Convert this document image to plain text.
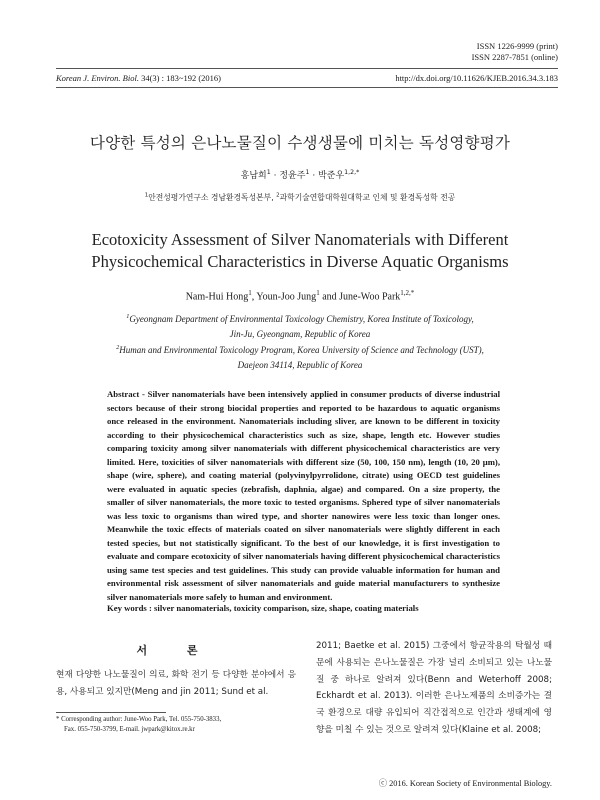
ISSN 1226-9999 (print)
ISSN 2287-7851 (online)
Korean J. Environ. Biol. 34(3) : 183~192 (2016)	http://dx.doi.org/10.11626/KJEB.2016.34.3.183
다양한 특성의 은나노물질이 수생생물에 미치는 독성영향평가
홍남희$^1$ · 정윤주$^1$ · 박준우$^{1,2,*}$
$^1$안전성평가연구소 경남환경독성본부, $^2$과학기술연합대학원대학교 인체 및 환경독성학 전공
Ecotoxicity Assessment of Silver Nanomaterials with Different
Physicochemical Characteristics in Diverse Aquatic Organisms
Nam-Hui Hong$^1$, Youn-Joo Jung$^1$ and June-Woo Park$^{1,2,*}$
$^1$Gyeongnam Department of Environmental Toxicology Chemistry, Korea Institute of Toxicology,
Jin-Ju, Gyeongnam, Republic of Korea
$^2$Human and Environmental Toxicology Program, Korea University of Science and Technology (UST),
Daejeon 34114, Republic of Korea
Abstract - Silver nanomaterials have been intensively applied in consumer products of diverse industrial sectors because of their strong biocidal properties and reported to be hazardous to aquatic organisms once released in the environment. Nanomaterials including sliver, are known to be different in toxicity according to their physicochemical characteristics such as size, shape, length etc. However studies comparing toxicity among silver nanomaterials with different physicochemical characteristics are very limited. Here, toxicities of silver nanomaterials with different size (50, 100, 150 nm), length (10, 20 μm), shape (wire, sphere), and coating material (polyvinylpyrrolidone, citrate) using OECD test guidelines were evaluated in aquatic species (zebrafish, daphnia, algae) and compared. On a size property, the smaller of silver nanomaterials, the more toxic to tested organisms. Sphered type of silver nanomaterials was less toxic to organisms than wired type, and shorter nanowires were less toxic than longer ones. Meanwhile the toxic effects of materials coated on silver nanomaterials were slightly different in each tested species, but not statistically significant. To the best of our knowledge, it is first investigation to evaluate and compare ecotoxicity of silver nanomaterials having different physicochemical characteristics using same test species and test guidelines. This study can provide valuable information for human and environmental risk assessment of silver nanomaterials and guide material manufacturers to synthesize silver nanomaterials more safely to human and environment.
Key words : silver nanomaterials, toxicity comparison, size, shape, coating materials
서 론
현재 다양한 나노물질이 의료, 화학 전기 등 다양한 분야에서 응용, 사용되고 있지만(Meng and jin 2011; Sund et al.
2011; Baetke et al. 2015) 그중에서 항균작용의 탁월성 때문에 사용되는 은나노물질은 가장 널리 소비되고 있는 나노물질 중 하나로 알려져 있다(Benn and Weterhoff 2008; Eckhardt et al. 2013). 이러한 은나노제품의 소비증가는 결국 환경으로 대량 유입되어 직간접적으로 인간과 생태계에 영향을 미칠 수 있는 것으로 알려져 있다(Klaine et al. 2008;
* Corresponding author: June-Woo Park, Tel. 055-750-3833,
Fax. 055-750-3799, E-mail. jwpark@kitox.re.kr
ⓒ 2016. Korean Society of Environmental Biology.
